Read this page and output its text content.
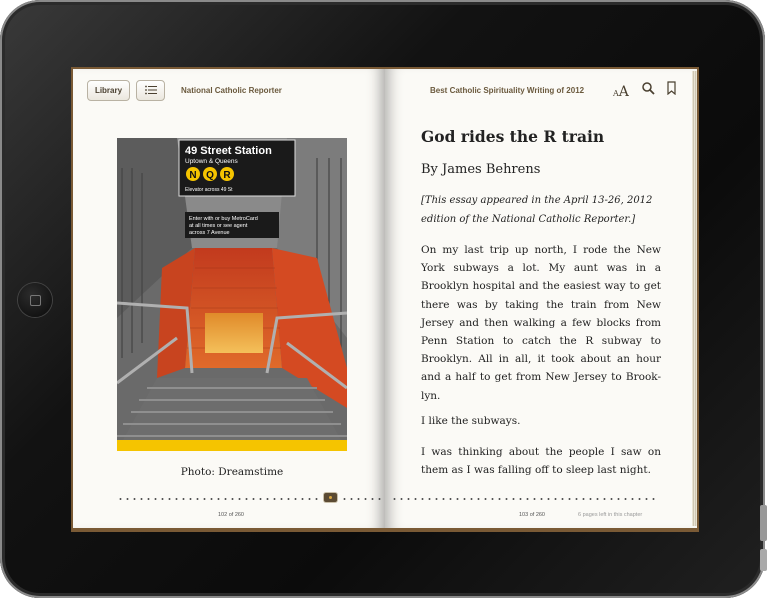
Library	National Catholic Reporter
49 Street Station
Uptown & Queens
N Q R
Elevator across 49 St
Enter with or buy MetroCard
at all times or see agent
across 7 Avenue
Photo: Dreamstime
102 of 260
Best Catholic Spirituality Writing of 2012	AA
God rides the R train
By James Behrens
[This essay appeared in the April 13-26, 2012
edition of the National Catholic Reporter.]
On my last trip up north, I rode the New York subways a lot. My aunt was in a Brooklyn hospital and the easiest way to get there was by taking the train from New Jersey and then walking a few blocks from Penn Station to catch the R subway to Brooklyn. All in all, it took about an hour and a half to get from New Jersey to Brook-lyn.
I like the subways.
I was thinking about the people I saw on them as I was falling off to sleep last night.
103 of 260	6 pages left in this chapter
